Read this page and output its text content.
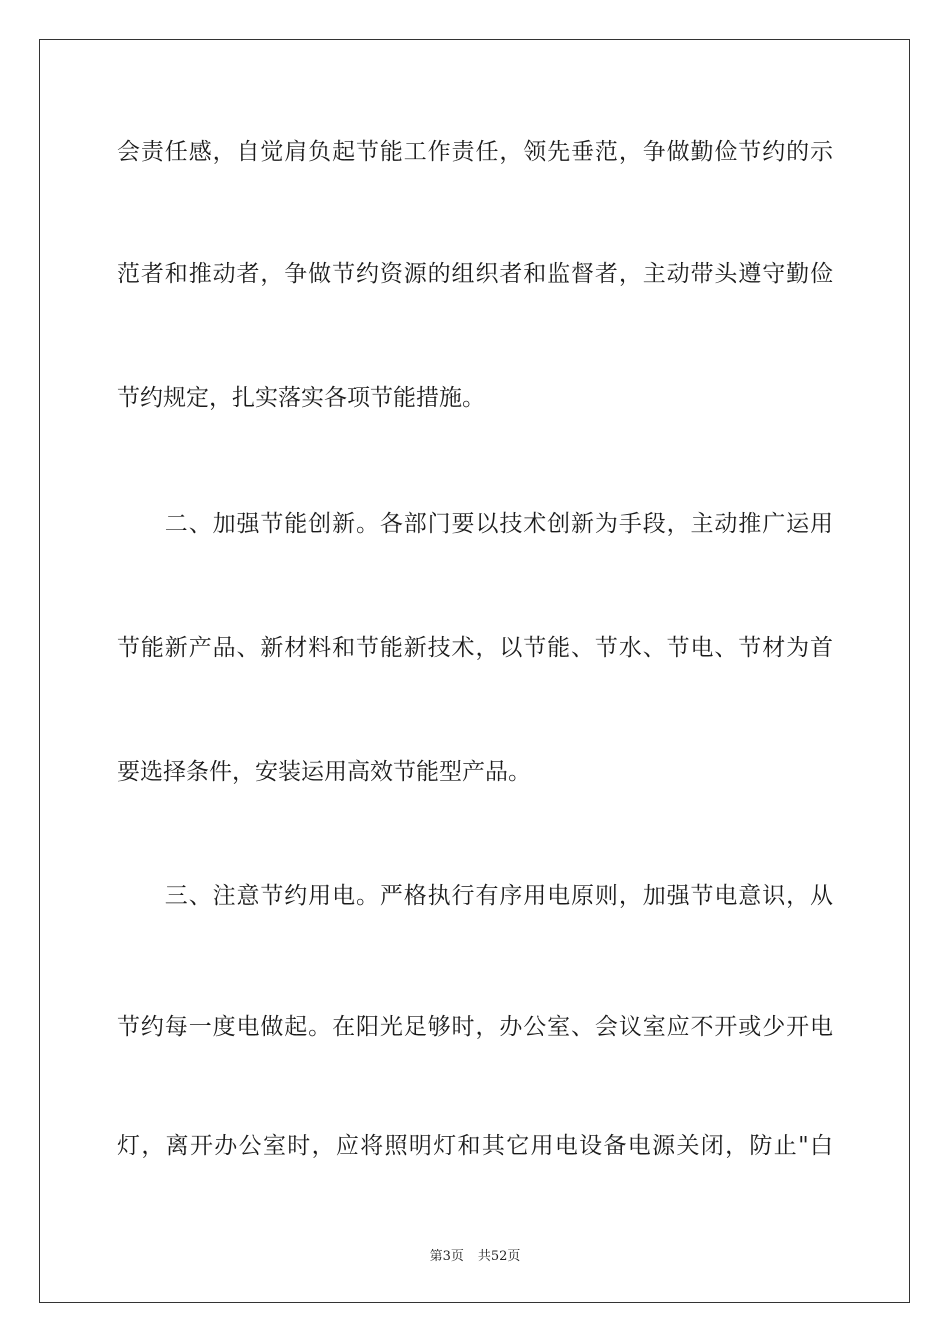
会责任感，自觉肩负起节能工作责任，领先垂范，争做勤俭节约的示
范者和推动者，争做节约资源的组织者和监督者，主动带头遵守勤俭
节约规定，扎实落实各项节能措施。
　　二、加强节能创新。各部门要以技术创新为手段，主动推广运用
节能新产品、新材料和节能新技术，以节能、节水、节电、节材为首
要选择条件，安装运用高效节能型产品。
　　三、注意节约用电。严格执行有序用电原则，加强节电意识，从
节约每一度电做起。在阳光足够时，办公室、会议室应不开或少开电
灯，离开办公室时，应将照明灯和其它用电设备电源关闭，防止"白
第3页 共52页
